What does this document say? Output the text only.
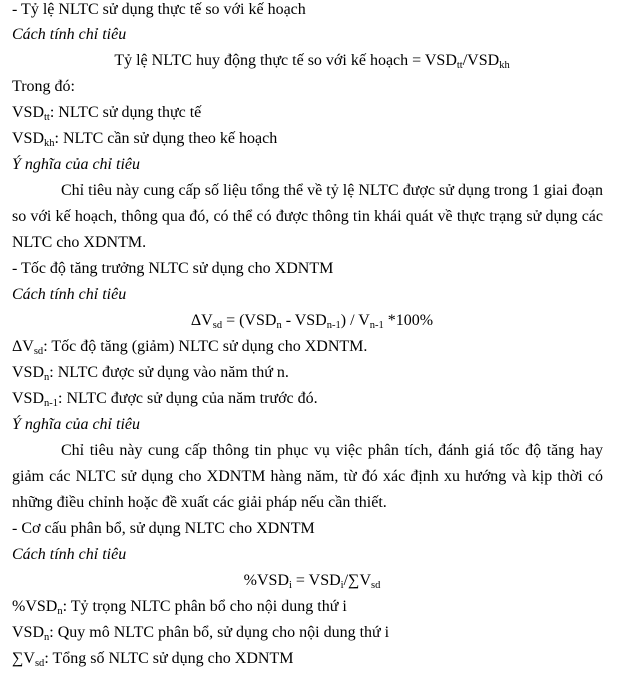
- Tỷ lệ NLTC sử dụng thực tế so với kế hoạch
Cách tính chỉ tiêu
Tỷ lệ NLTC huy động thực tế so với kế hoạch = $VSD_{tt}/VSD_{kh}$
Trong đó:
$VSD_{tt}$: NLTC sử dụng thực tế
$VSD_{kh}$: NLTC cần sử dụng theo kế hoạch
Ý nghĩa của chỉ tiêu

Chỉ tiêu này cung cấp số liệu tổng thể về tỷ lệ NLTC được sử dụng trong 1 giai đoạn so với kế hoạch, thông qua đó, có thể có được thông tin khái quát về thực trạng sử dụng các NLTC cho XDNTM.

- Tốc độ tăng trưởng NLTC sử dụng cho XDNTM
Cách tính chỉ tiêu
$\Delta V_{sd} = (VSD_n - VSD_{n-1}) / V_{n-1}$ *100%
$\Delta V_{sd}$: Tốc độ tăng (giảm) NLTC sử dụng cho XDNTM.
$VSD_n$: NLTC được sử dụng vào năm thứ n.
$VSD_{n-1}$: NLTC được sử dụng của năm trước đó.
Ý nghĩa của chỉ tiêu

Chỉ tiêu này cung cấp thông tin phục vụ việc phân tích, đánh giá tốc độ tăng hay giảm các NLTC sử dụng cho XDNTM hàng năm, từ đó xác định xu hướng và kịp thời có những điều chỉnh hoặc đề xuất các giải pháp nếu cần thiết.

- Cơ cấu phân bổ, sử dụng NLTC cho XDNTM
Cách tính chỉ tiêu
$\%VSD_i = VSD_i/\sum V_{sd}$
$\%VSD_n$: Tỷ trọng NLTC phân bổ cho nội dung thứ i
$VSD_n$: Quy mô NLTC phân bổ, sử dụng cho nội dung thứ i
$\sum V_{sd}$: Tổng số NLTC sử dụng cho XDNTM
